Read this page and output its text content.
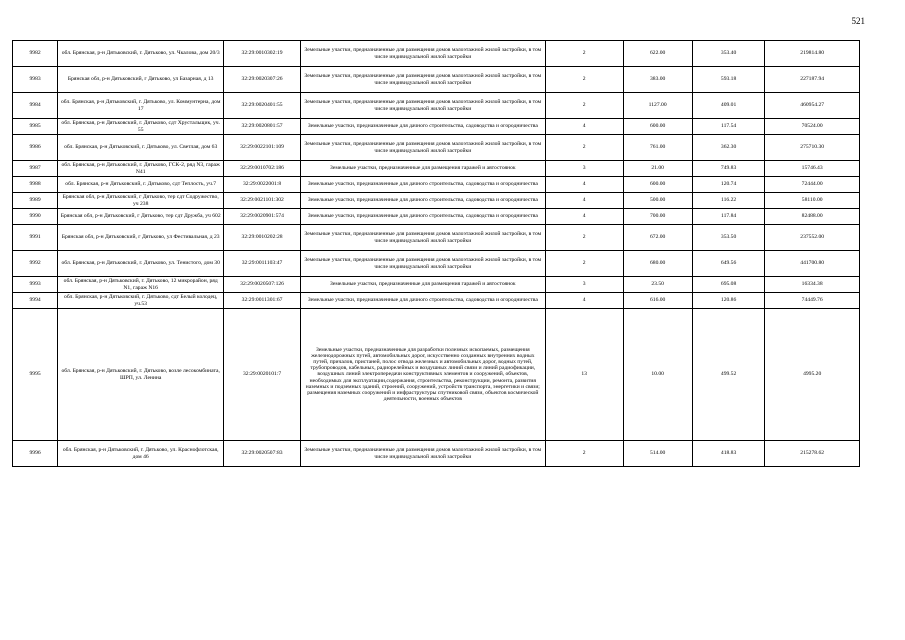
521
9982	обл. Брянская, р-н Дятьковский, г. Дятьково, ул. Чкалова, дом 20/3	32:29:0010302:19	Земельные участки, предназначенные для размещения домов малоэтажной жилой застройки, в том числе индивидуальной жилой застройки	2	622.00	353.40	219814.80
9983	Брянская обл, р-н Дятьковский, г Дятьково, ул Базарная, д 13	32:29:0020307:26	Земельные участки, предназначенные для размещения домов малоэтажной жилой застройки, в том числе индивидуальной жилой застройки	2	383.00	593.18	227187.94
9984	обл. Брянская, р-н Дятьковский, г. Дятьково, ул. Коммунтерна, дом 17	32:29:0020401:55	Земельные участки, предназначенные для размещения домов малоэтажной жилой застройки, в том числе индивидуальной жилой застройки	2	1127.00	409.01	460954.27
9985	обл. Брянская, р-н Дятьковский, г. Дятьково, сдт Хрустальщик, уч. 55	32:29:0020801:57	Земельные участки, предназначенные для дачного строительства, садоводства и огородничества	4	600.00	117.54	70524.00
9986	обл. Брянская, р-н Дятьковский, г. Дятьково, ул. Светлая, дом 63	32:29:0022101:109	Земельные участки, предназначенные для размещения домов малоэтажной жилой застройки, в том числе индивидуальной жилой застройки	2	761.00	362.30	275710.30
9987	обл. Брянская, р-н Дятьковский, г. Дятьково, ГСК-2, ряд N3, гараж N41	32:29:0010702:186	Земельные участки, предназначенные для размещения гаражей и автостоянок	3	21.00	749.83	15746.43
9988	обл. Брянская, р-н Дятьковский, г. Дятьково, сдт Теплость, уч.7	32:29:0022001:8	Земельные участки, предназначенные для дачного строительства, садоводства и огородничества	4	600.00	120.74	72444.00
9989	Брянская обл, р-н Дятьковский, г Дятьково, тер сдт Содружество, уч 238	32:29:0021101:302	Земельные участки, предназначенные для дачного строительства, садоводства и огородничества	4	500.00	116.22	58110.00
9990	Брянская обл, р-н Дятьковский, г Дятьково, тер сдт Дружба, уч 602	32:29:0020901:574	Земельные участки, предназначенные для дачного строительства, садоводства и огородничества	4	700.00	117.84	82488.00
9991	Брянская обл, р-н Дятьковский, г Дятьково, ул Фестивальная, д 23	32:29:0010202:28	Земельные участки, предназначенные для размещения домов малоэтажной жилой застройки, в том числе индивидуальной жилой застройки	2	672.00	353.50	237552.00
9992	обл. Брянская, р-н Дятьковский, г. Дятьково, ул. Тенистого, дом 30	32:29:0011103:47	Земельные участки, предназначенные для размещения домов малоэтажной жилой застройки, в том числе индивидуальной жилой застройки	2	680.00	649.56	441700.80
9993	обл. Брянская, р-н Дятьковский, г. Дятьково, 12 микрорайон, ряд N1, гараж N16	32:29:0020507:126	Земельные участки, предназначенные для размещения гаражей и автостоянок	3	23.50	695.08	16334.38
9994	обл. Брянская, р-н Дятьковский, г. Дятьково, сдт Белый колодец, уч.53	32:29:0011301:67	Земельные участки, предназначенные для дачного строительства, садоводства и огородничества	4	616.00	120.86	74449.76
9995	обл. Брянская, р-н Дятьковский, г. Дятьково, возле лесокомбината, ШРП, ул. Ленина	32:29:0020101:7	Земельные участки, предназначенные для разработки полезных ископаемых, размещения железнодорожных путей, автомобильных дорог, искусственно созданных внутренних водных путей, причалов, пристаней, полос отвода железных и автомобильных дорог, водных путей, трубопроводов, кабельных, радиорелейных и воздушных линий связи и линий радиофикации, воздушных линий электропередачи конструктивных элементов и сооружений, объектов, необходимых для эксплуатации,содержания, строительства, реконструкции, ремонта, развития наземных и подземных зданий, строений, сооружений, устройств транспорта, энергетики и связи; размещения наземных сооружений и инфраструктуры спутниковой связи, объектов космической деятельности, военных объектов	13	10.00	499.52	4995.20
9996	обл. Брянская, р-н Дятьковский, г. Дятьково, ул. Краснофлотская, дом 46	32:29:0020507:83	Земельные участки, предназначенные для размещения домов малоэтажной жилой застройки, в том числе индивидуальной жилой застройки	2	514.00	418.83	215278.62
